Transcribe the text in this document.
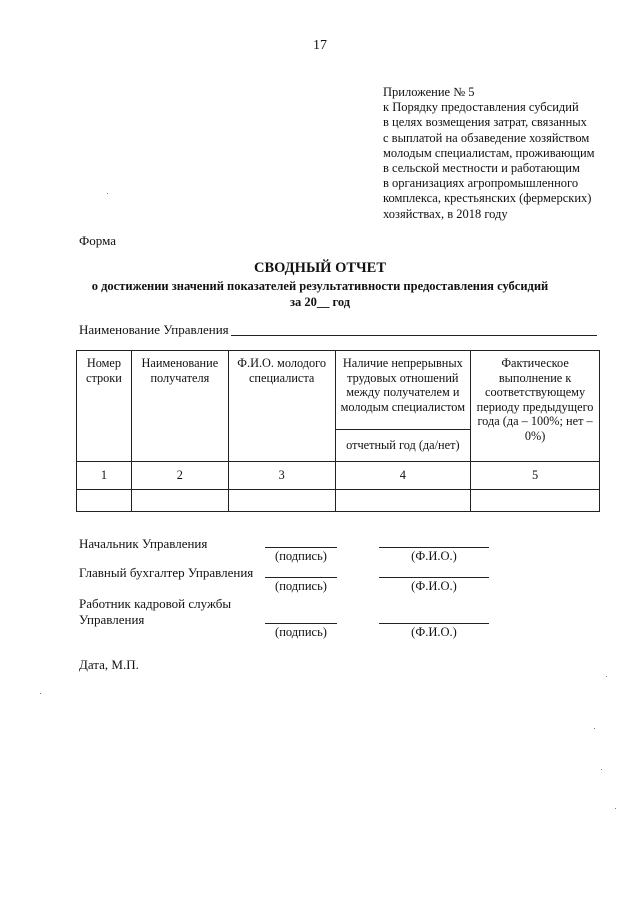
17
Приложение № 5
к Порядку предоставления субсидий
в целях возмещения затрат, связанных
с выплатой на обзаведение хозяйством
молодым специалистам, проживающим
в сельской местности и работающим
в организациях агропромышленного
комплекса, крестьянских (фермерских)
хозяйствах, в 2018 году
Форма
СВОДНЫЙ ОТЧЕТ
о достижении значений показателей результативности предоставления субсидий
за 20__ год
Наименование Управления
Номер строки	Наименование получателя	Ф.И.О. молодого специалиста	Наличие непрерывных трудовых отношений между получателем и молодым специалистом	Фактическое выполнение к соответствующему периоду предыдущего года (да – 100%; нет – 0%)
			отчетный год (да/нет)	
1	2	3	4	5

Начальник Управления
(подпись)	(Ф.И.О.)
Главный бухгалтер Управления
(подпись)	(Ф.И.О.)
Работник кадровой службы Управления
(подпись)	(Ф.И.О.)
Дата, М.П.
